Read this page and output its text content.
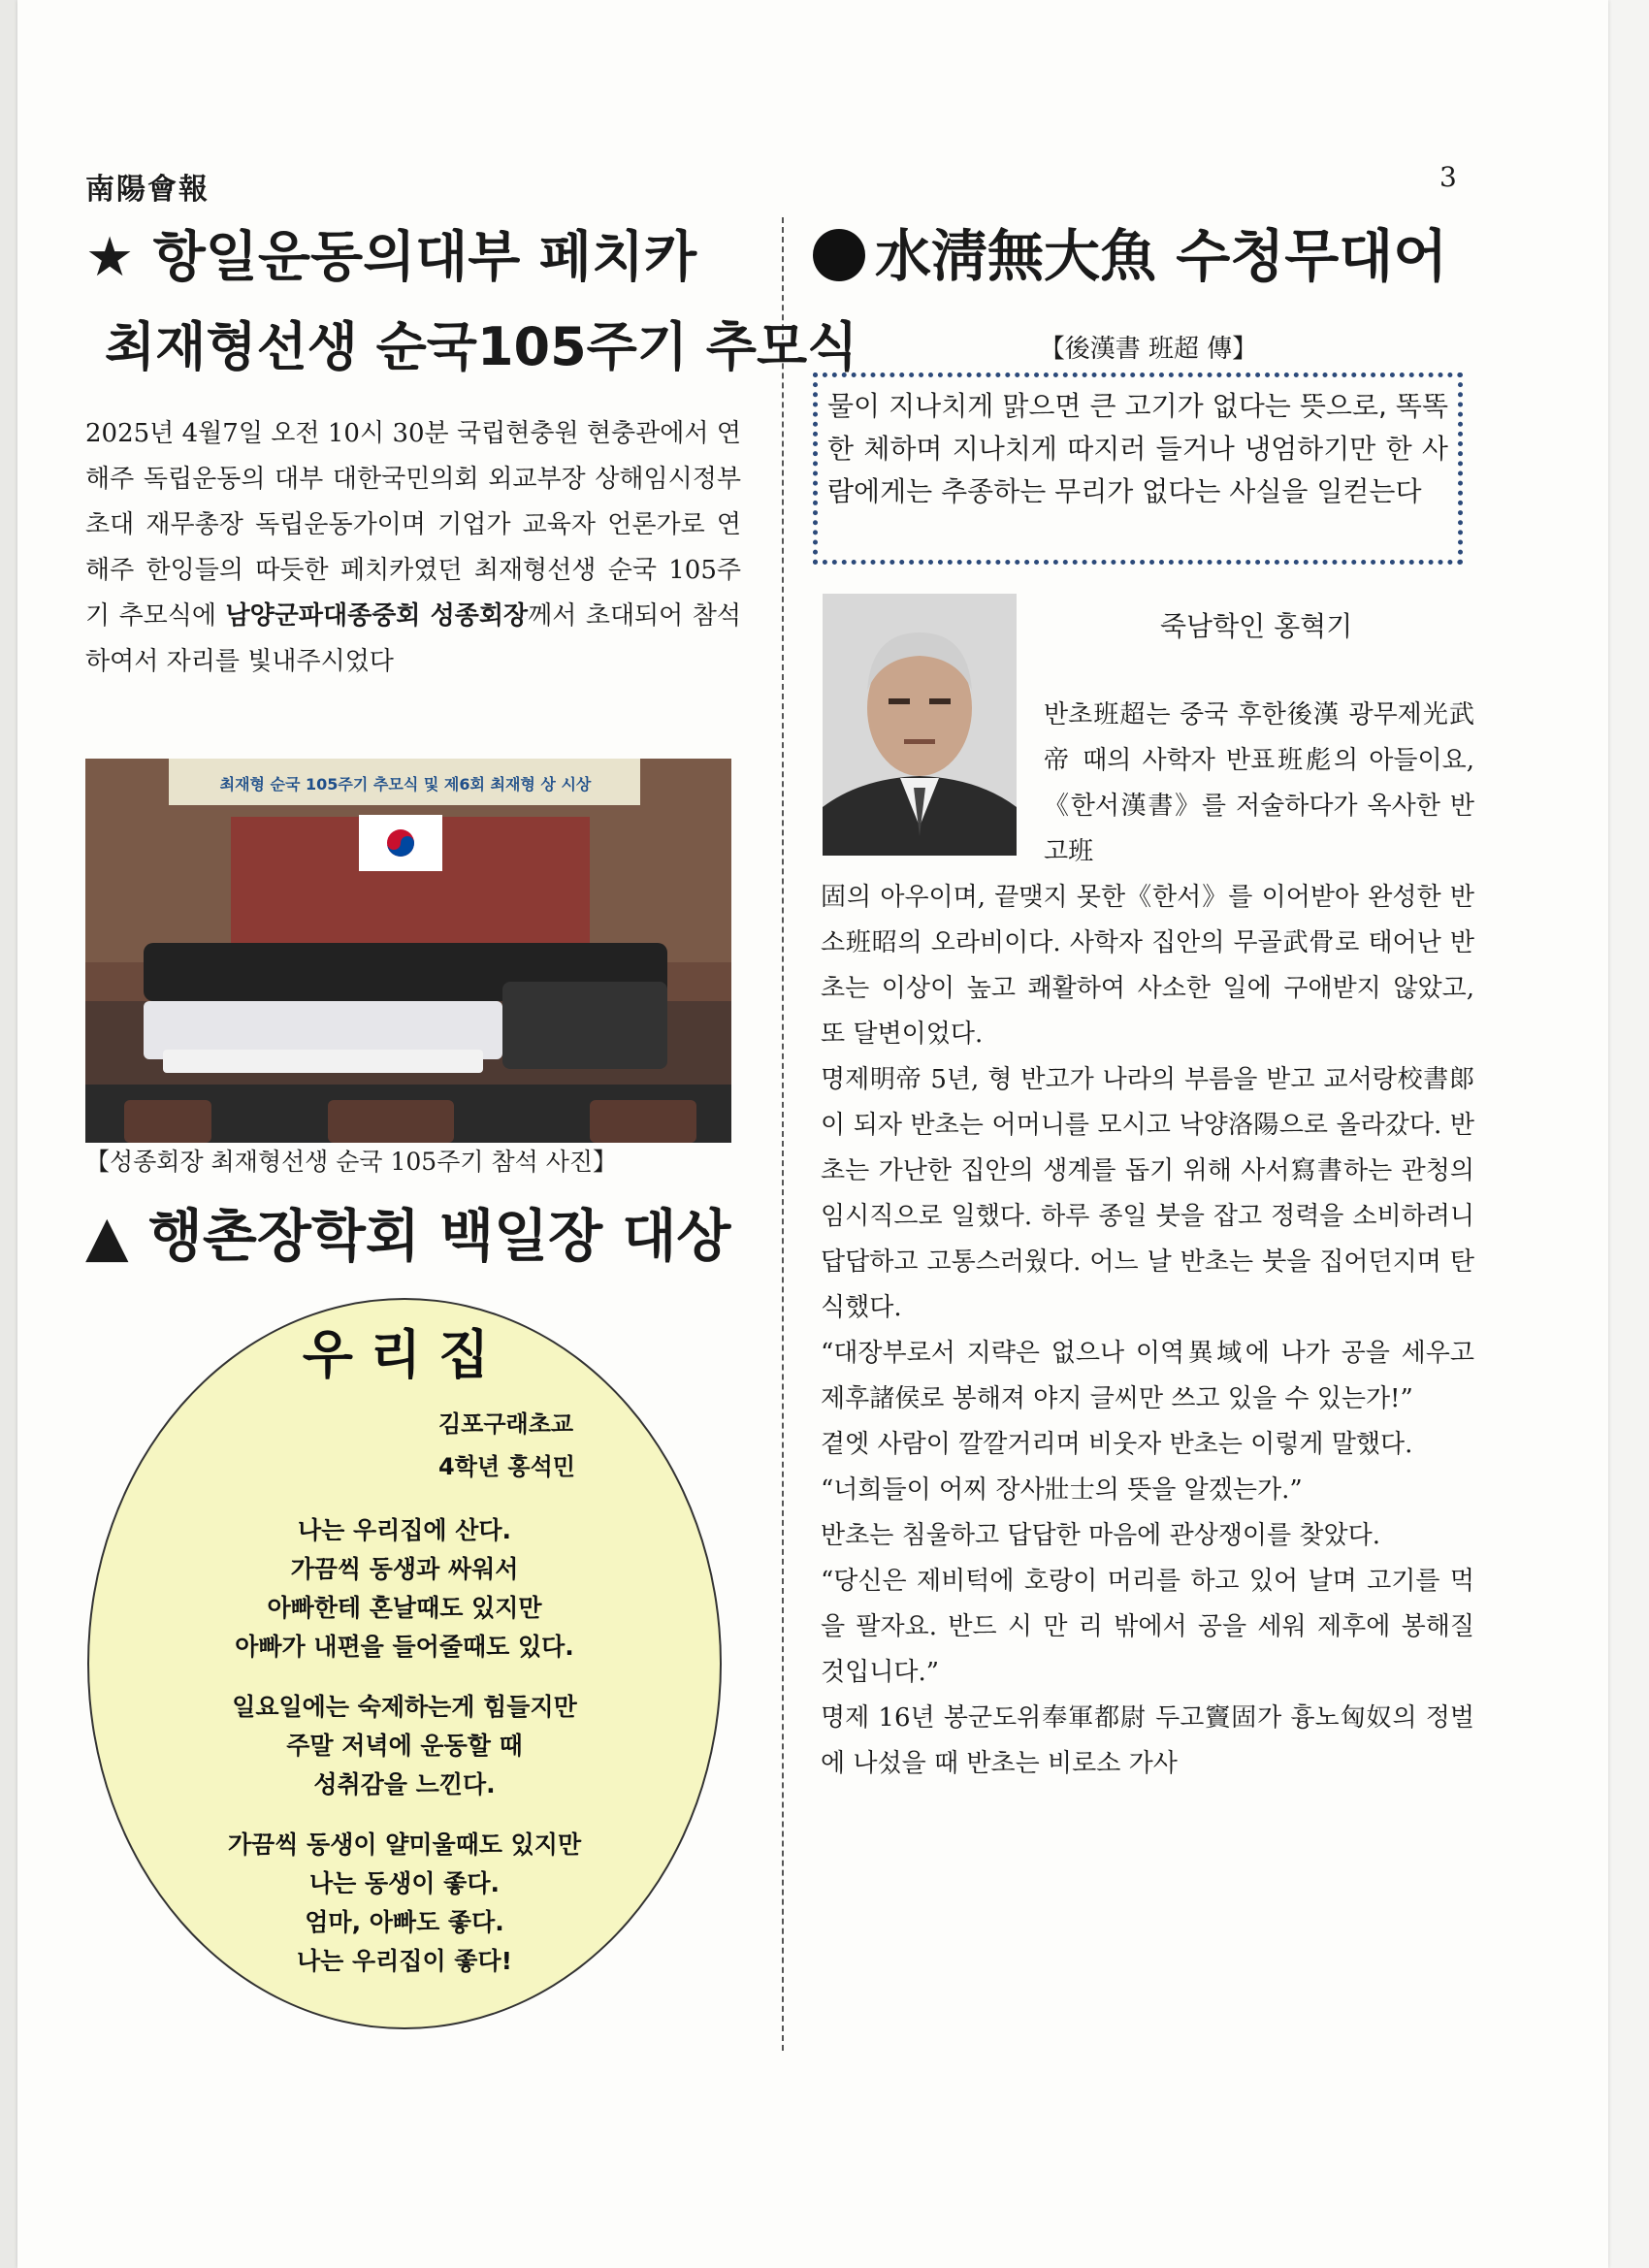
南陽會報	3
★ 항일운동의대부 페치카
최재형선생 순국105주기 추모식
2025년 4월7일 오전 10시 30분 국립현충원 현충관에서 연해주 독립운동의 대부 대한국민의회 외교부장 상해임시정부 초대 재무총장 독립운동가이며 기업가 교육자 언론가로 연해주 한잉들의 따듯한 페치카였던 최재형선생 순국 105주기 추모식에 남양군파대종중회 성종회장께서 초대되어 참석하여서 자리를 빛내주시었다
최재형 순국 105주기 추모식 및 제6회 최재형 상 시상
【성종회장 최재형선생 순국 105주기 참석 사진】
▲ 행촌장학회 백일장 대상
우리집
김포구래초교
4학년 홍석민
나는 우리집에 산다.
가끔씩 동생과 싸워서
아빠한테 혼날때도 있지만
아빠가 내편을 들어줄때도 있다.
일요일에는 숙제하는게 힘들지만
주말 저녁에 운동할 때
성취감을 느낀다.
가끔씩 동생이 얄미울때도 있지만
나는 동생이 좋다.
엄마, 아빠도 좋다.
나는 우리집이 좋다!
水淸無大魚 수청무대어
【後漢書 班超 傳】
물이 지나치게 맑으면 큰 고기가 없다는 뜻으로, 똑똑한 체하며 지나치게 따지러 들거나 냉엄하기만 한 사람에게는 추종하는 무리가 없다는 사실을 일컫는다
죽남학인 홍혁기
반초班超는 중국 후한後漢 광무제光武帝 때의 사학자 반표班彪의 아들이요,《한서漢書》를 저술하다가 옥사한 반고班

固의 아우이며, 끝맺지 못한《한서》를 이어받아 완성한 반소班昭의 오라비이다. 사학자 집안의 무골武骨로 태어난 반초는 이상이 높고 쾌활하여 사소한 일에 구애받지 않았고, 또 달변이었다.

명제明帝 5년, 형 반고가 나라의 부름을 받고 교서랑校書郞이 되자 반초는 어머니를 모시고 낙양洛陽으로 올라갔다. 반초는 가난한 집안의 생계를 돕기 위해 사서寫書하는 관청의 임시직으로 일했다. 하루 종일 붓을 잡고 정력을 소비하려니 답답하고 고통스러웠다. 어느 날 반초는 붓을 집어던지며 탄식했다.

“대장부로서 지략은 없으나 이역異域에 나가 공을 세우고 제후諸侯로 봉해져 야지 글씨만 쓰고 있을 수 있는가!”

곁엣 사람이 깔깔거리며 비웃자 반초는 이렇게 말했다.

“너희들이 어찌 장사壯士의 뜻을 알겠는가.”

반초는 침울하고 답답한 마음에 관상쟁이를 찾았다.

“당신은 제비턱에 호랑이 머리를 하고 있어 날며 고기를 먹을 팔자요. 반드 시 만 리 밖에서 공을 세워 제후에 봉해질 것입니다.”

명제 16년 봉군도위奉軍都尉 두고竇固가 흉노匈奴의 정벌에 나섰을 때 반초는 비로소 가사
